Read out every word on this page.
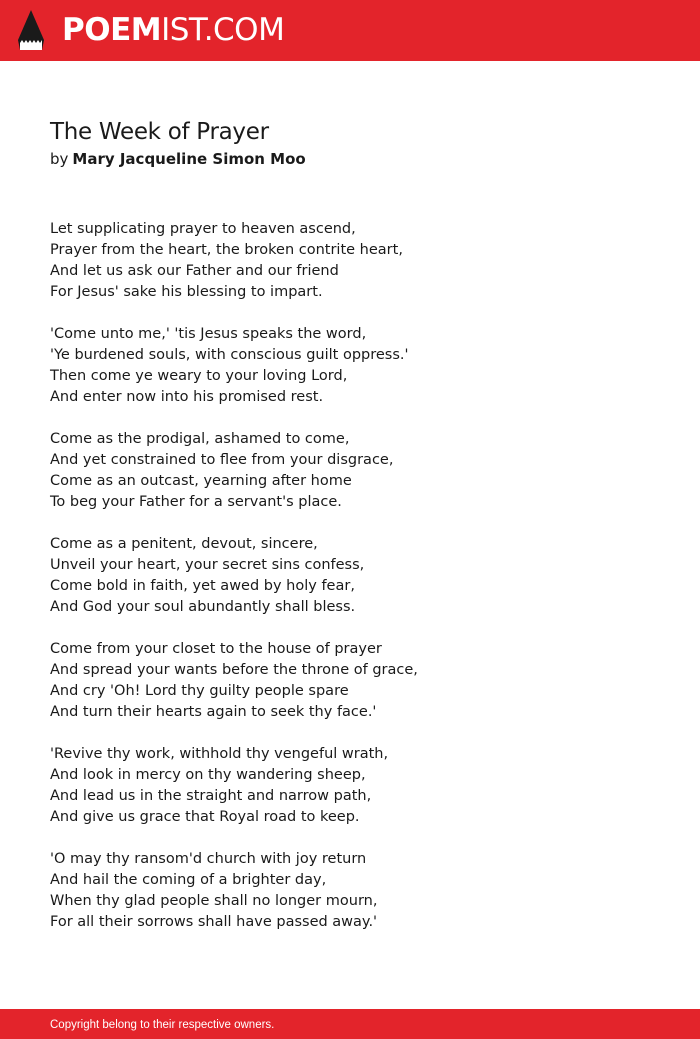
POEMIST.COM
The Week of Prayer
by Mary Jacqueline Simon Moo
Let supplicating prayer to heaven ascend,
Prayer from the heart, the broken contrite heart,
And let us ask our Father and our friend
For Jesus' sake his blessing to impart.
'Come unto me,' 'tis Jesus speaks the word,
'Ye burdened souls, with conscious guilt oppress.'
Then come ye weary to your loving Lord,
And enter now into his promised rest.
Come as the prodigal, ashamed to come,
And yet constrained to flee from your disgrace,
Come as an outcast, yearning after home
To beg your Father for a servant's place.
Come as a penitent, devout, sincere,
Unveil your heart, your secret sins confess,
Come bold in faith, yet awed by holy fear,
And God your soul abundantly shall bless.
Come from your closet to the house of prayer
And spread your wants before the throne of grace,
And cry 'Oh! Lord thy guilty people spare
And turn their hearts again to seek thy face.'
'Revive thy work, withhold thy vengeful wrath,
And look in mercy on thy wandering sheep,
And lead us in the straight and narrow path,
And give us grace that Royal road to keep.
'O may thy ransom'd church with joy return
And hail the coming of a brighter day,
When thy glad people shall no longer mourn,
For all their sorrows shall have passed away.'
Copyright belong to their respective owners.
